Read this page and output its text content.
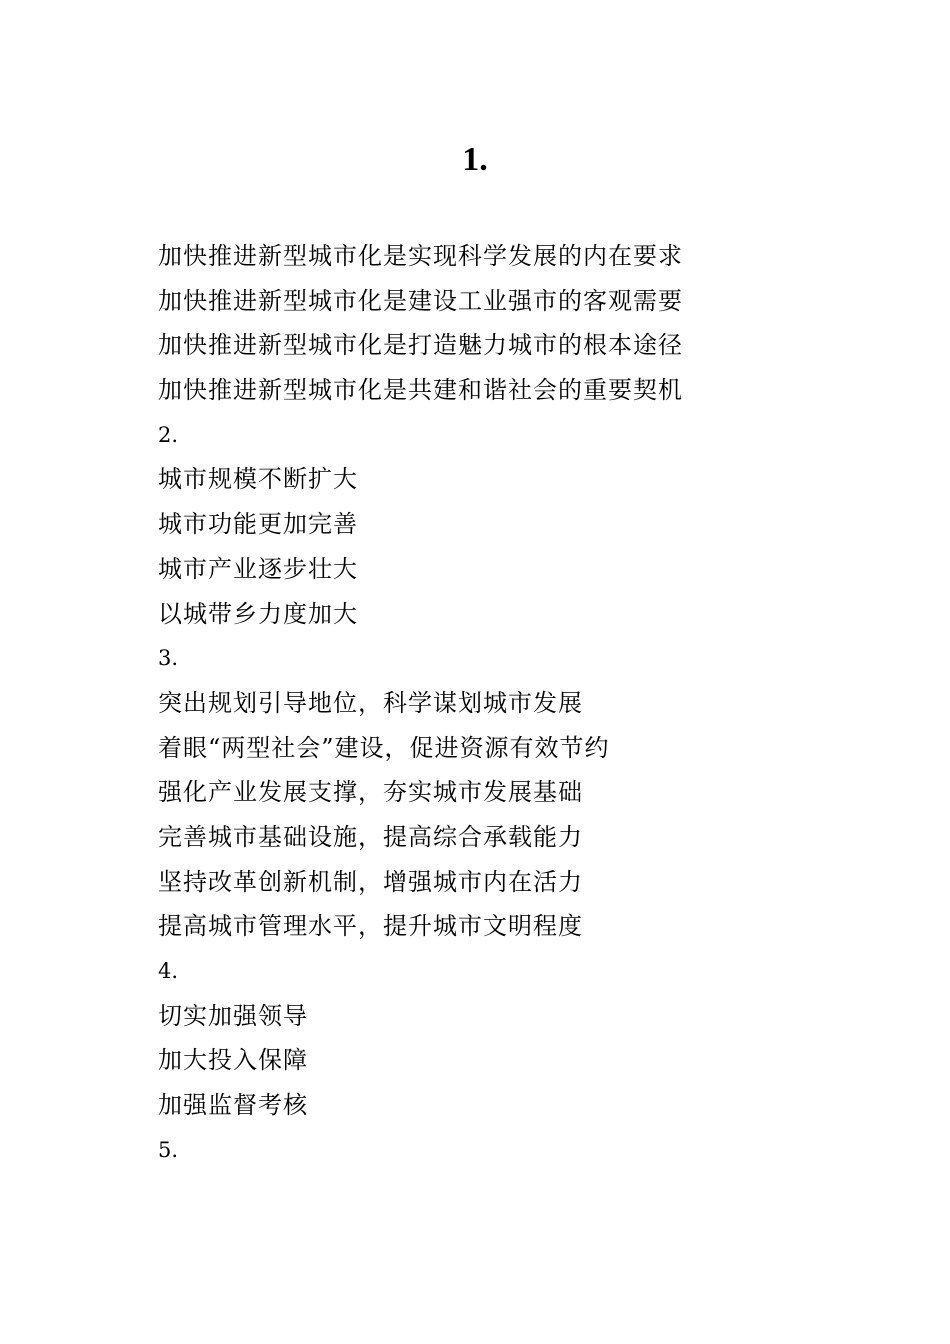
1.
加快推进新型城市化是实现科学发展的内在要求
加快推进新型城市化是建设工业强市的客观需要
加快推进新型城市化是打造魅力城市的根本途径
加快推进新型城市化是共建和谐社会的重要契机
2.
城市规模不断扩大
城市功能更加完善
城市产业逐步壮大
以城带乡力度加大
3.
突出规划引导地位，科学谋划城市发展
着眼“两型社会”建设，促进资源有效节约
强化产业发展支撑，夯实城市发展基础
完善城市基础设施，提高综合承载能力
坚持改革创新机制，增强城市内在活力
提高城市管理水平，提升城市文明程度
4.
切实加强领导
加大投入保障
加强监督考核
5.
